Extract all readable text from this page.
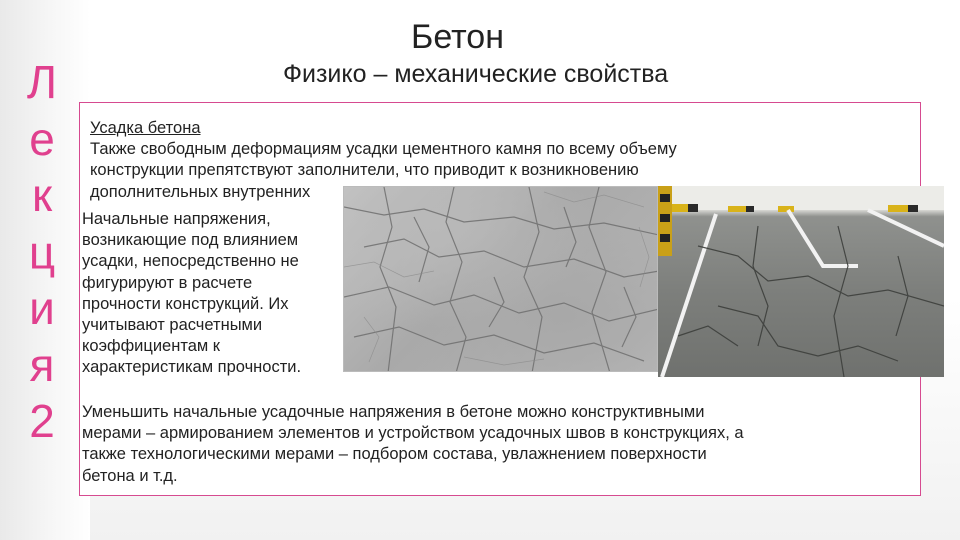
Л
е
к
ц
и
я
2
Бетон
Физико – механические свойства
Усадка бетона
Также свободным деформациям усадки цементного камня по всему объему
конструкции препятствуют заполнители, что приводит к возникновению
дополнительных внутренних
Начальные напряжения,
возникающие под влиянием
усадки, непосредственно не
фигурируют в расчете
прочности конструкций. Их
учитывают расчетными
коэффициентам к
характеристикам прочности.
Уменьшить начальные усадочные напряжения в бетоне можно конструктивными
мерами – армированием элементов и устройством усадочных швов в конструкциях, а
также технологическими мерами – подбором состава, увлажнением поверхности
бетона и т.д.
